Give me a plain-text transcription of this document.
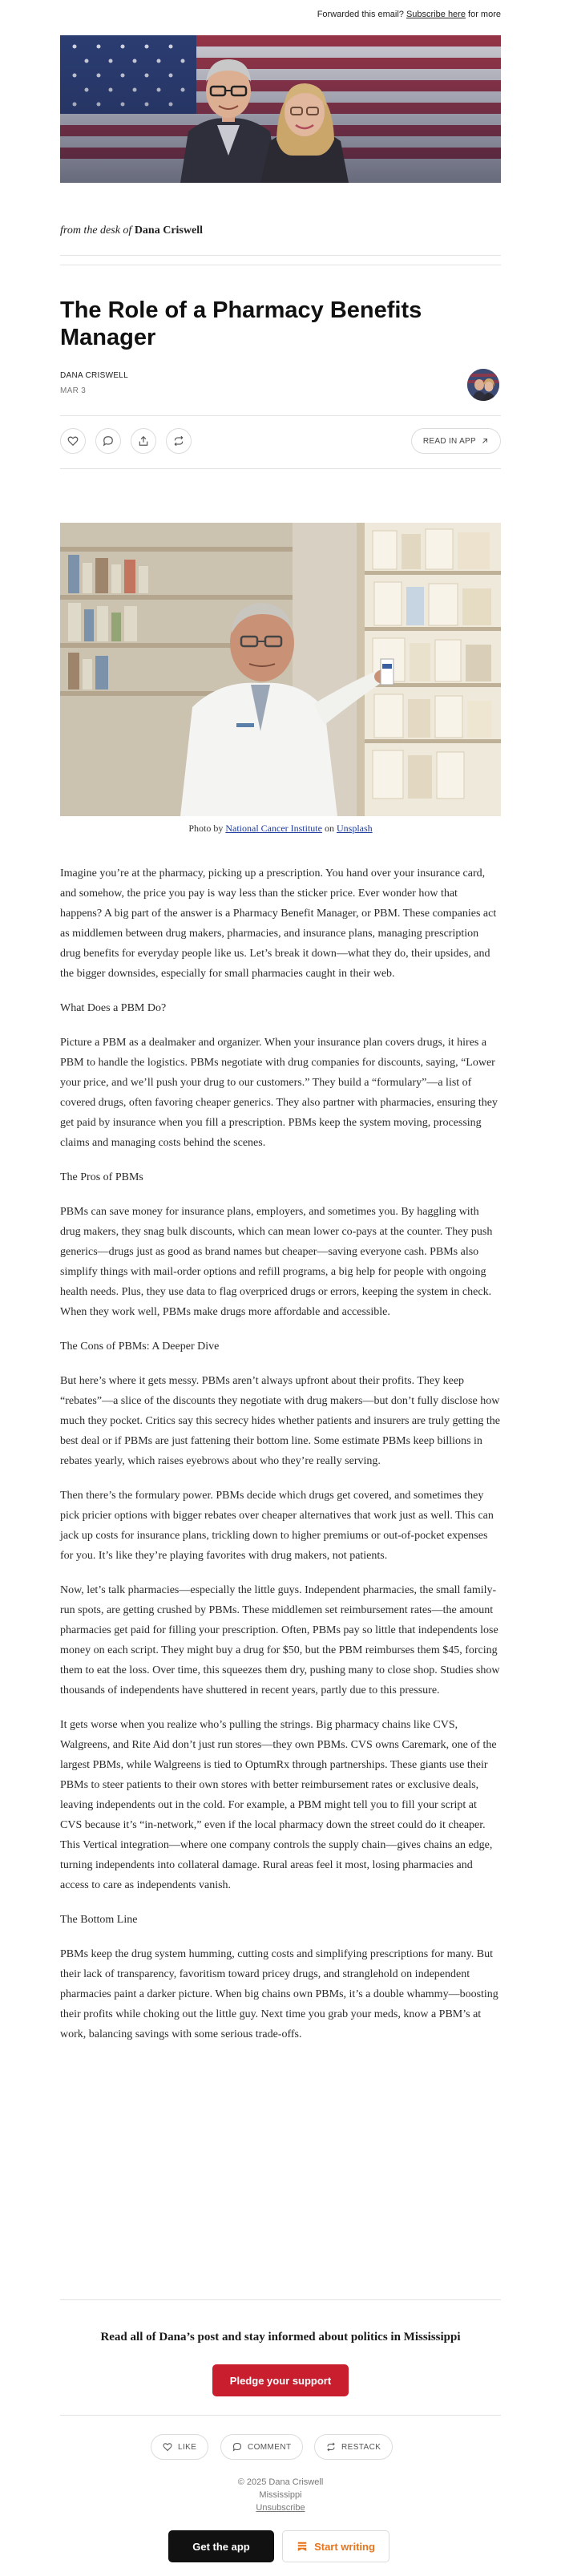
Forwarded this email? Subscribe here for more
from the desk of Dana Criswell
The Role of a Pharmacy Benefits Manager
DANA CRISWELL
MAR 3
READ IN APP
Photo by National Cancer Institute on Unsplash

Imagine you’re at the pharmacy, picking up a prescription. You hand over your insurance card, and somehow, the price you pay is way less than the sticker price. Ever wonder how that happens? A big part of the answer is a Pharmacy Benefit Manager, or PBM. These companies act as middlemen between drug makers, pharmacies, and insurance plans, managing prescription drug benefits for everyday people like us. Let’s break it down—what they do, their upsides, and the bigger downsides, especially for small pharmacies caught in their web.

What Does a PBM Do?

Picture a PBM as a dealmaker and organizer. When your insurance plan covers drugs, it hires a PBM to handle the logistics. PBMs negotiate with drug companies for discounts, saying, “Lower your price, and we’ll push your drug to our customers.” They build a “formulary”—a list of covered drugs, often favoring cheaper generics. They also partner with pharmacies, ensuring they get paid by insurance when you fill a prescription. PBMs keep the system moving, processing claims and managing costs behind the scenes.

The Pros of PBMs

PBMs can save money for insurance plans, employers, and sometimes you. By haggling with drug makers, they snag bulk discounts, which can mean lower co-pays at the counter. They push generics—drugs just as good as brand names but cheaper—saving everyone cash. PBMs also simplify things with mail-order options and refill programs, a big help for people with ongoing health needs. Plus, they use data to flag overpriced drugs or errors, keeping the system in check. When they work well, PBMs make drugs more affordable and accessible.

The Cons of PBMs: A Deeper Dive

But here’s where it gets messy. PBMs aren’t always upfront about their profits. They keep “rebates”—a slice of the discounts they negotiate with drug makers—but don’t fully disclose how much they pocket. Critics say this secrecy hides whether patients and insurers are truly getting the best deal or if PBMs are just fattening their bottom line. Some estimate PBMs keep billions in rebates yearly, which raises eyebrows about who they’re really serving.

Then there’s the formulary power. PBMs decide which drugs get covered, and sometimes they pick pricier options with bigger rebates over cheaper alternatives that work just as well. This can jack up costs for insurance plans, trickling down to higher premiums or out-of-pocket expenses for you. It’s like they’re playing favorites with drug makers, not patients.

Now, let’s talk pharmacies—especially the little guys. Independent pharmacies, the small family-run spots, are getting crushed by PBMs. These middlemen set reimbursement rates—the amount pharmacies get paid for filling your prescription. Often, PBMs pay so little that independents lose money on each script. They might buy a drug for $50, but the PBM reimburses them $45, forcing them to eat the loss. Over time, this squeezes them dry, pushing many to close shop. Studies show thousands of independents have shuttered in recent years, partly due to this pressure.

It gets worse when you realize who’s pulling the strings. Big pharmacy chains like CVS, Walgreens, and Rite Aid don’t just run stores—they own PBMs. CVS owns Caremark, one of the largest PBMs, while Walgreens is tied to OptumRx through partnerships. These giants use their PBMs to steer patients to their own stores with better reimbursement rates or exclusive deals, leaving independents out in the cold. For example, a PBM might tell you to fill your script at CVS because it’s “in-network,” even if the local pharmacy down the street could do it cheaper. This Vertical integration—where one company controls the supply chain—gives chains an edge, turning independents into collateral damage. Rural areas feel it most, losing pharmacies and access to care as independents vanish.

The Bottom Line

PBMs keep the drug system humming, cutting costs and simplifying prescriptions for many. But their lack of transparency, favoritism toward pricey drugs, and stranglehold on independent pharmacies paint a darker picture. When big chains own PBMs, it’s a double whammy—boosting their profits while choking out the little guy. Next time you grab your meds, know a PBM’s at work, balancing savings with some serious trade-offs.

Read all of Dana’s post and stay informed about politics in Mississippi
Pledge your support
LIKE	COMMENT	RESTACK
© 2025 Dana Criswell
Mississippi
Unsubscribe
Get the app	Start writing
